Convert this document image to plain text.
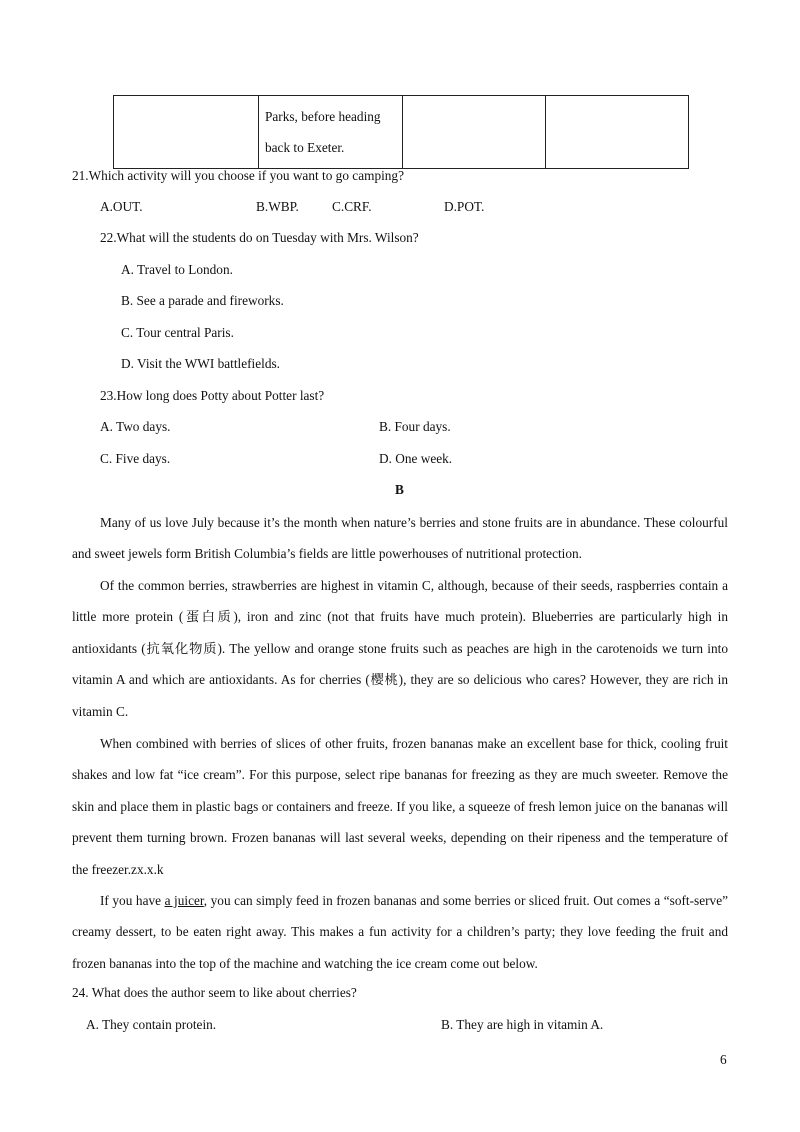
Parks, before heading
back to Exeter.

21.Which activity will you choose if you want to go camping?
A.OUT.	B.WBP. C.CRF.	D.POT.
22.What will the students do on Tuesday with Mrs. Wilson?
A. Travel to London.
B. See a parade and fireworks.
C. Tour central Paris.
D. Visit the WWI battlefields.
23.How long does Potty about Potter last?
A. Two days.	B. Four days.
C. Five days.	D. One week.
B
Many of us love July because it’s the month when nature’s berries and stone fruits are in abundance. These colourful and sweet jewels form British Columbia’s fields are little powerhouses of nutritional protection.
Of the common berries, strawberries are highest in vitamin C, although, because of their seeds, raspberries contain a little more protein (蛋白质), iron and zinc (not that fruits have much protein). Blueberries are particularly high in antioxidants (抗氧化物质). The yellow and orange stone fruits such as peaches are high in the carotenoids we turn into vitamin A and which are antioxidants. As for cherries (樱桃), they are so delicious who cares? However, they are rich in vitamin C.
When combined with berries of slices of other fruits, frozen bananas make an excellent base for thick, cooling fruit shakes and low fat “ice cream”. For this purpose, select ripe bananas for freezing as they are much sweeter. Remove the skin and place them in plastic bags or containers and freeze. If you like, a squeeze of fresh lemon juice on the bananas will prevent them turning brown. Frozen bananas will last several weeks, depending on their ripeness and the temperature of the freezer.zx.x.k
If you have a juicer, you can simply feed in frozen bananas and some berries or sliced fruit. Out comes a “soft-serve” creamy dessert, to be eaten right away. This makes a fun activity for a children’s party; they love feeding the fruit and frozen bananas into the top of the machine and watching the ice cream come out below.
24. What does the author seem to like about cherries?
A. They contain protein.	B. They are high in vitamin A.
6
